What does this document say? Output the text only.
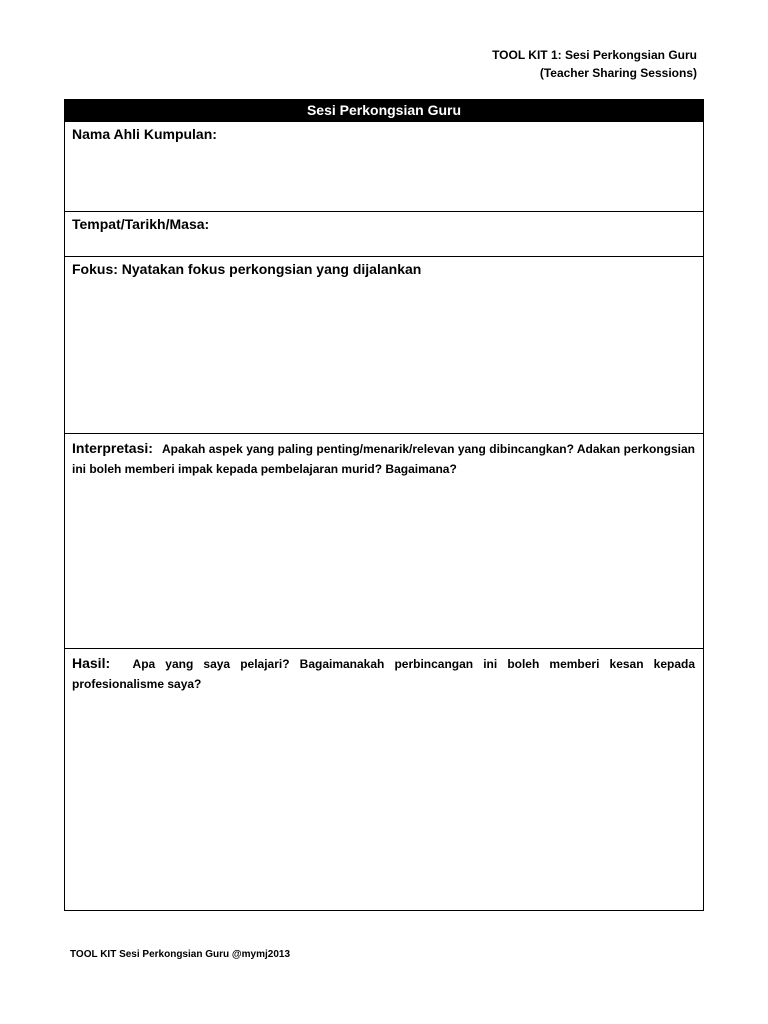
TOOL KIT 1: Sesi Perkongsian Guru
(Teacher Sharing Sessions)
Sesi Perkongsian Guru
Nama Ahli Kumpulan:
Tempat/Tarikh/Masa:
Fokus: Nyatakan fokus perkongsian yang dijalankan
Interpretasi: Apakah aspek yang paling penting/menarik/relevan yang dibincangkan? Adakan perkongsian ini boleh memberi impak kepada pembelajaran murid? Bagaimana?
Hasil: Apa yang saya pelajari? Bagaimanakah perbincangan ini boleh memberi kesan kepada profesionalisme saya?
TOOL KIT Sesi Perkongsian Guru @mymj2013
